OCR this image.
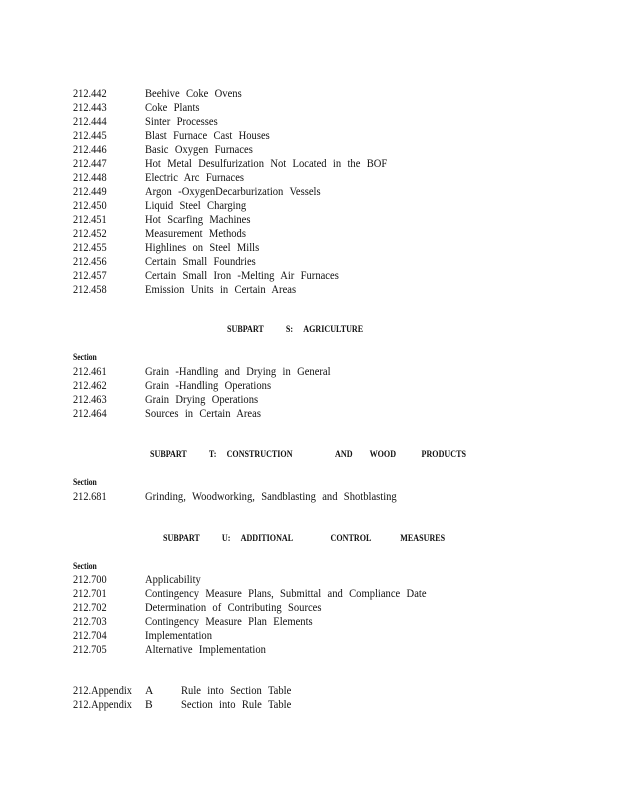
212.442	Beehive Coke Ovens
212.443	Coke Plants
212.444	Sinter Processes
212.445	Blast Furnace Cast Houses
212.446	Basic Oxygen Furnaces
212.447	Hot Metal Desulfurization Not Located in the BOF
212.448	Electric Arc Furnaces
212.449	Argon -OxygenDecarburization Vessels
212.450	Liquid Steel Charging
212.451	Hot Scarfing Machines
212.452	Measurement Methods
212.455	Highlines on Steel Mills
212.456	Certain Small Foundries
212.457	Certain Small Iron -Melting Air Furnaces
212.458	Emission Units in Certain Areas
SUBPART S: AGRICULTURE
Section
212.461	Grain -Handling and Drying in General
212.462	Grain -Handling Operations
212.463	Grain Drying Operations
212.464	Sources in Certain Areas
SUBPART T: CONSTRUCTION	AND WOOD	PRODUCTS
Section
212.681	Grinding, Woodworking, Sandblasting and Shotblasting
SUBPART U: ADDITIONAL	CONTROL	MEASURES
Section
212.700	Applicability
212.701	Contingency Measure Plans, Submittal and Compliance Date
212.702	Determination of Contributing Sources
212.703	Contingency Measure Plan Elements
212.704	Implementation
212.705	Alternative Implementation
212.Appendix A Rule into Section Table
212.Appendix B Section into Rule Table
